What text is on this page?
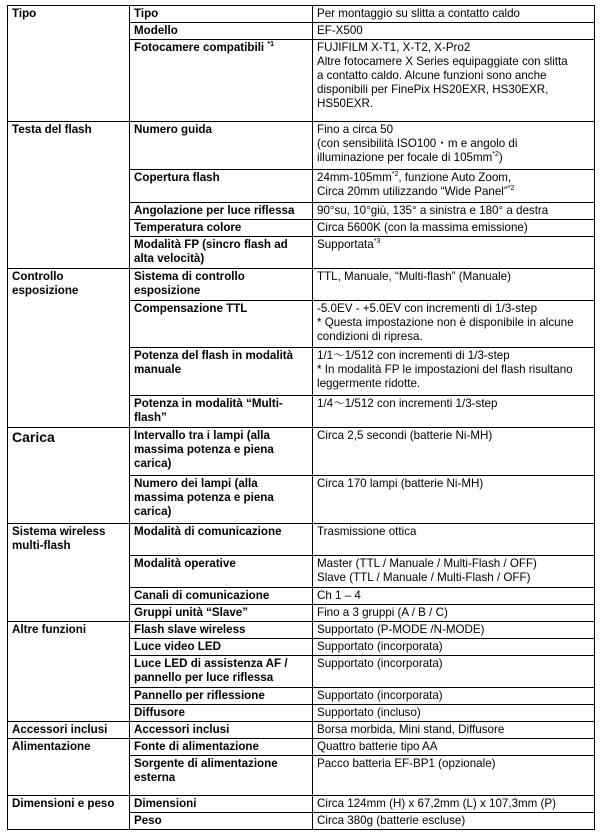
Tipo	Tipo	Per montaggio su slitta a contatto caldo
	Modello	EF-X500
	Fotocamere compatibili $^{*1}$	FUJIFILM X-T1, X-T2, X-Pro2
Altre fotocamere X Series equipaggiate con slitta
a contatto caldo. Alcune funzioni sono anche
disponibili per FinePix HS20EXR, HS30EXR,
HS50EXR.

Testa del flash	Numero guida	Fino a circa 50
(con sensibilità ISO100・m e angolo di
illuminazione per focale di $105mm^{*2}$)

	Copertura flash	$24mm-105mm^{*2}$, funzione Auto Zoom,
Circa 20mm utilizzando “Wide Panel”$^{*2}$

	Angolazione per luce riflessa	90°su, 10°giù, 135° a sinistra e 180° a destra
	Temperatura colore	Circa 5600K (con la massima emissione)
	Modalità FP (sincro flash ad alta velocità)	Supportata$^{*3}$
Controllo esposizione	Sistema di controllo esposizione	TTL, Manuale, “Multi-flash” (Manuale)
	Compensazione TTL	-5.0EV - +5.0EV con incrementi di 1/3-step
* Questa impostazione non è disponibile in alcune
condizioni di ripresa.

	Potenza del flash in modalità manuale	1/1～1/512 con incrementi di 1/3-step
* In modalità FP le impostazioni del flash risultano
leggermente ridotte.

	Potenza in modalità “Multi-flash”	1/4～1/512 con incrementi 1/3-step
Carica	Intervallo tra i lampi (alla massima potenza e piena carica)	Circa 2,5 secondi (batterie Ni-MH)
	Numero dei lampi (alla massima potenza e piena carica)	Circa 170 lampi (batterie Ni-MH)
Sistema wireless multi-flash	Modalità di comunicazione	Trasmissione ottica
	Modalità operative	Master (TTL / Manuale / Multi-Flash / OFF)
Slave (TTL / Manuale / Multi-Flash / OFF)

	Canali di comunicazione	Ch 1 – 4
	Gruppi unità “Slave”	Fino a 3 gruppi (A / B / C)
Altre funzioni	Flash slave wireless	Supportato (P-MODE /N-MODE)
	Luce video LED	Supportato (incorporata)
	Luce LED di assistenza AF / pannello per luce riflessa	Supportato (incorporata)
	Pannello per riflessione	Supportato (incorporata)
	Diffusore	Supportato (incluso)
Accessori inclusi	Accessori inclusi	Borsa morbida, Mini stand, Diffusore
Alimentazione	Fonte di alimentazione	Quattro batterie tipo AA
	Sorgente di alimentazione esterna	Pacco batteria EF-BP1 (opzionale)
Dimensioni e peso	Dimensioni	Circa 124mm (H) x 67,2mm (L) x 107,3mm (P)
	Peso	Circa 380g (batterie escluse)
